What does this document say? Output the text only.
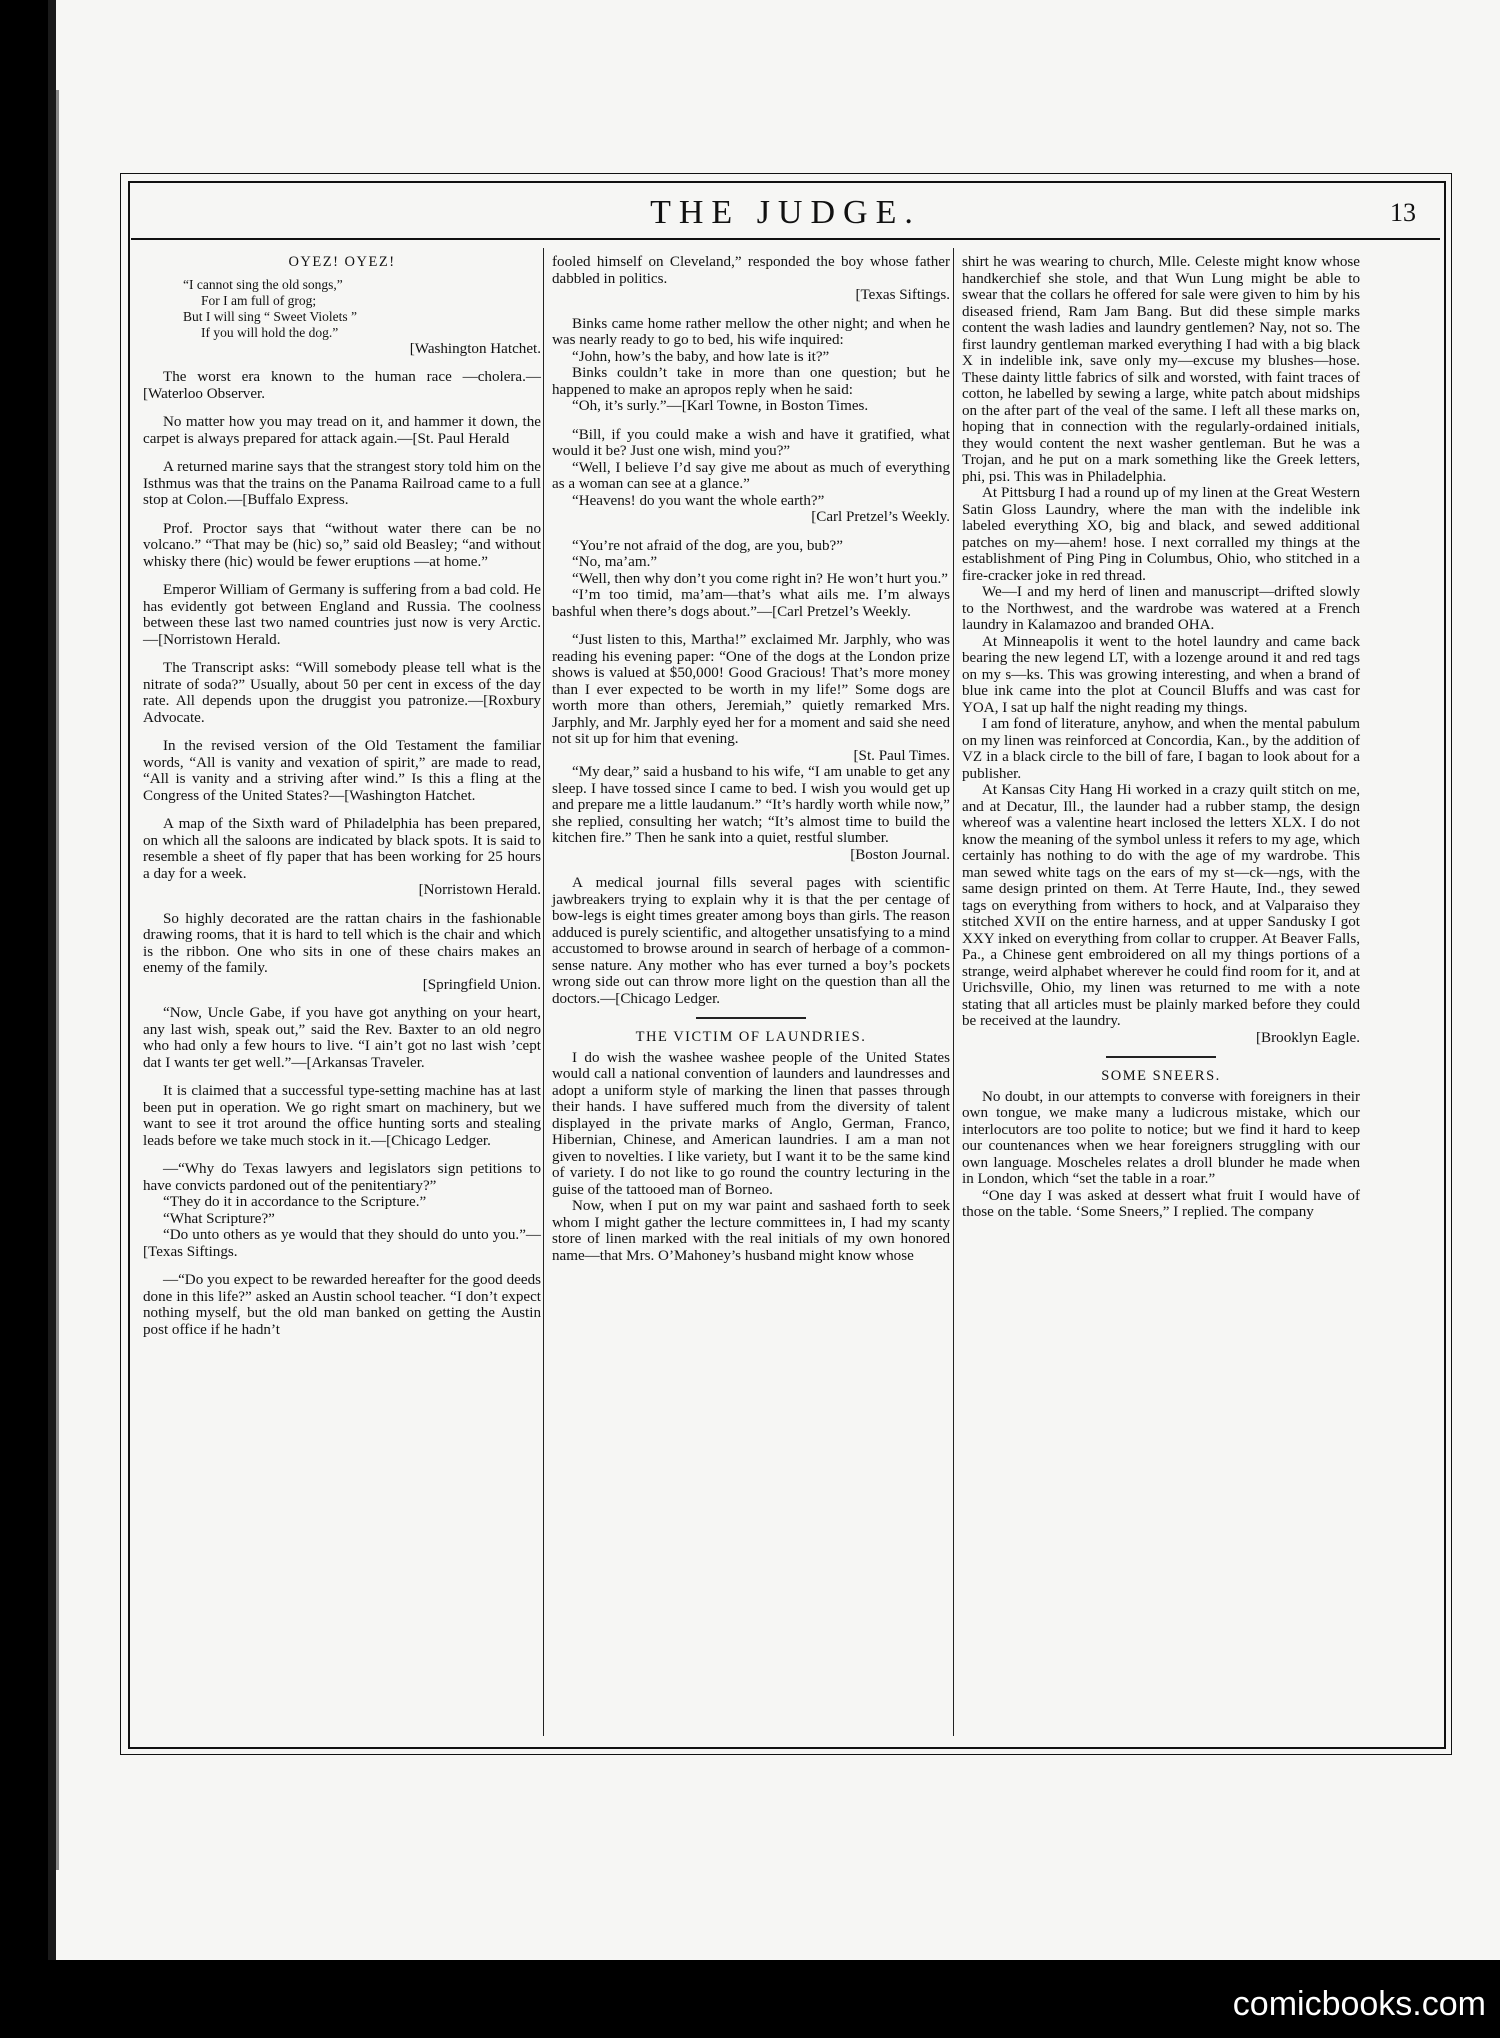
THE JUDGE.	13
OYEZ! OYEZ!
“I cannot sing the old songs,”
For I am full of grog;
But I will sing “ Sweet Violets ”
If you will hold the dog.”

[Washington Hatchet.

The worst era known to the human race —cholera.—[Waterloo Observer.

No matter how you may tread on it, and hammer it down, the carpet is always prepared for attack again.—[St. Paul Herald

A returned marine says that the strangest story told him on the Isthmus was that the trains on the Panama Railroad came to a full stop at Colon.—[Buffalo Express.

Prof. Proctor says that “without water there can be no volcano.” “That may be (hic) so,” said old Beasley; “and without whisky there (hic) would be fewer eruptions —at home.”

Emperor William of Germany is suffering from a bad cold. He has evidently got between England and Russia. The coolness between these last two named countries just now is very Arctic.—[Norristown Herald.

The Transcript asks: “Will somebody please tell what is the nitrate of soda?” Usually, about 50 per cent in excess of the day rate. All depends upon the druggist you patronize.—[Roxbury Advocate.

In the revised version of the Old Testament the familiar words, “All is vanity and vexation of spirit,” are made to read, “All is vanity and a striving after wind.” Is this a fling at the Congress of the United States?—[Washington Hatchet.

A map of the Sixth ward of Philadelphia has been prepared, on which all the saloons are indicated by black spots. It is said to resemble a sheet of fly paper that has been working for 25 hours a day for a week.

[Norristown Herald.

So highly decorated are the rattan chairs in the fashionable drawing rooms, that it is hard to tell which is the chair and which is the ribbon. One who sits in one of these chairs makes an enemy of the family.

[Springfield Union.

“Now, Uncle Gabe, if you have got anything on your heart, any last wish, speak out,” said the Rev. Baxter to an old negro who had only a few hours to live. “I ain’t got no last wish ’cept dat I wants ter get well.”—[Arkansas Traveler.

It is claimed that a successful type-setting machine has at last been put in operation. We go right smart on machinery, but we want to see it trot around the office hunting sorts and stealing leads before we take much stock in it.—[Chicago Ledger.

—“Why do Texas lawyers and legislators sign petitions to have convicts pardoned out of the penitentiary?”

“They do it in accordance to the Scripture.”

“What Scripture?”

“Do unto others as ye would that they should do unto you.”—[Texas Siftings.

—“Do you expect to be rewarded hereafter for the good deeds done in this life?” asked an Austin school teacher. “I don’t expect nothing myself, but the old man banked on getting the Austin post office if he hadn’t

fooled himself on Cleveland,” responded the boy whose father dabbled in politics.

[Texas Siftings.

Binks came home rather mellow the other night; and when he was nearly ready to go to bed, his wife inquired:

“John, how’s the baby, and how late is it?”

Binks couldn’t take in more than one question; but he happened to make an apropos reply when he said:

“Oh, it’s surly.”—[Karl Towne, in Boston Times.

“Bill, if you could make a wish and have it gratified, what would it be? Just one wish, mind you?”

“Well, I believe I’d say give me about as much of everything as a woman can see at a glance.”

“Heavens! do you want the whole earth?”

[Carl Pretzel’s Weekly.

“You’re not afraid of the dog, are you, bub?”

“No, ma’am.”

“Well, then why don’t you come right in? He won’t hurt you.”

“I’m too timid, ma’am—that’s what ails me. I’m always bashful when there’s dogs about.”—[Carl Pretzel’s Weekly.

“Just listen to this, Martha!” exclaimed Mr. Jarphly, who was reading his evening paper: “One of the dogs at the London prize shows is valued at $50,000! Good Gracious! That’s more money than I ever expected to be worth in my life!” Some dogs are worth more than others, Jeremiah,” quietly remarked Mrs. Jarphly, and Mr. Jarphly eyed her for a moment and said she need not sit up for him that evening.

[St. Paul Times.

“My dear,” said a husband to his wife, “I am unable to get any sleep. I have tossed since I came to bed. I wish you would get up and prepare me a little laudanum.” “It’s hardly worth while now,” she replied, consulting her watch; “It’s almost time to build the kitchen fire.” Then he sank into a quiet, restful slumber.

[Boston Journal.

A medical journal fills several pages with scientific jawbreakers trying to explain why it is that the per centage of bow-legs is eight times greater among boys than girls. The reason adduced is purely scientific, and altogether unsatisfying to a mind accustomed to browse around in search of herbage of a common-sense nature. Any mother who has ever turned a boy’s pockets wrong side out can throw more light on the question than all the doctors.—[Chicago Ledger.

THE VICTIM OF LAUNDRIES.

I do wish the washee washee people of the United States would call a national convention of launders and laundresses and adopt a uniform style of marking the linen that passes through their hands. I have suffered much from the diversity of talent displayed in the private marks of Anglo, German, Franco, Hibernian, Chinese, and American laundries. I am a man not given to novelties. I like variety, but I want it to be the same kind of variety. I do not like to go round the country lecturing in the guise of the tattooed man of Borneo.

Now, when I put on my war paint and sashaed forth to seek whom I might gather the lecture committees in, I had my scanty store of linen marked with the real initials of my own honored name—that Mrs. O’Mahoney’s husband might know whose

shirt he was wearing to church, Mlle. Celeste might know whose handkerchief she stole, and that Wun Lung might be able to swear that the collars he offered for sale were given to him by his diseased friend, Ram Jam Bang. But did these simple marks content the wash ladies and laundry gentlemen? Nay, not so. The first laundry gentleman marked everything I had with a big black X in indelible ink, save only my—excuse my blushes—hose. These dainty little fabrics of silk and worsted, with faint traces of cotton, he labelled by sewing a large, white patch about midships on the after part of the veal of the same. I left all these marks on, hoping that in connection with the regularly-ordained initials, they would content the next washer gentleman. But he was a Trojan, and he put on a mark something like the Greek letters, phi, psi. This was in Philadelphia.

At Pittsburg I had a round up of my linen at the Great Western Satin Gloss Laundry, where the man with the indelible ink labeled everything XO, big and black, and sewed additional patches on my—ahem! hose. I next corralled my things at the establishment of Ping Ping in Columbus, Ohio, who stitched in a fire-cracker joke in red thread.

We—I and my herd of linen and manuscript—drifted slowly to the Northwest, and the wardrobe was watered at a French laundry in Kalamazoo and branded OHA.

At Minneapolis it went to the hotel laundry and came back bearing the new legend LT, with a lozenge around it and red tags on my s—ks. This was growing interesting, and when a brand of blue ink came into the plot at Council Bluffs and was cast for YOA, I sat up half the night reading my things.

I am fond of literature, anyhow, and when the mental pabulum on my linen was reinforced at Concordia, Kan., by the addition of VZ in a black circle to the bill of fare, I bagan to look about for a publisher.

At Kansas City Hang Hi worked in a crazy quilt stitch on me, and at Decatur, Ill., the launder had a rubber stamp, the design whereof was a valentine heart inclosed the letters XLX. I do not know the meaning of the symbol unless it refers to my age, which certainly has nothing to do with the age of my wardrobe. This man sewed white tags on the ears of my st—ck—ngs, with the same design printed on them. At Terre Haute, Ind., they sewed tags on everything from withers to hock, and at Valparaiso they stitched XVII on the entire harness, and at upper Sandusky I got XXY inked on everything from collar to crupper. At Beaver Falls, Pa., a Chinese gent embroidered on all my things portions of a strange, weird alphabet wherever he could find room for it, and at Urichsville, Ohio, my linen was returned to me with a note stating that all articles must be plainly marked before they could be received at the laundry.

[Brooklyn Eagle.

SOME SNEERS.

No doubt, in our attempts to converse with foreigners in their own tongue, we make many a ludicrous mistake, which our interlocutors are too polite to notice; but we find it hard to keep our countenances when we hear foreigners struggling with our own language. Moscheles relates a droll blunder he made when in London, which “set the table in a roar.”

“One day I was asked at dessert what fruit I would have of those on the table. ‘Some Sneers,” I replied. The company

comicbooks.com
